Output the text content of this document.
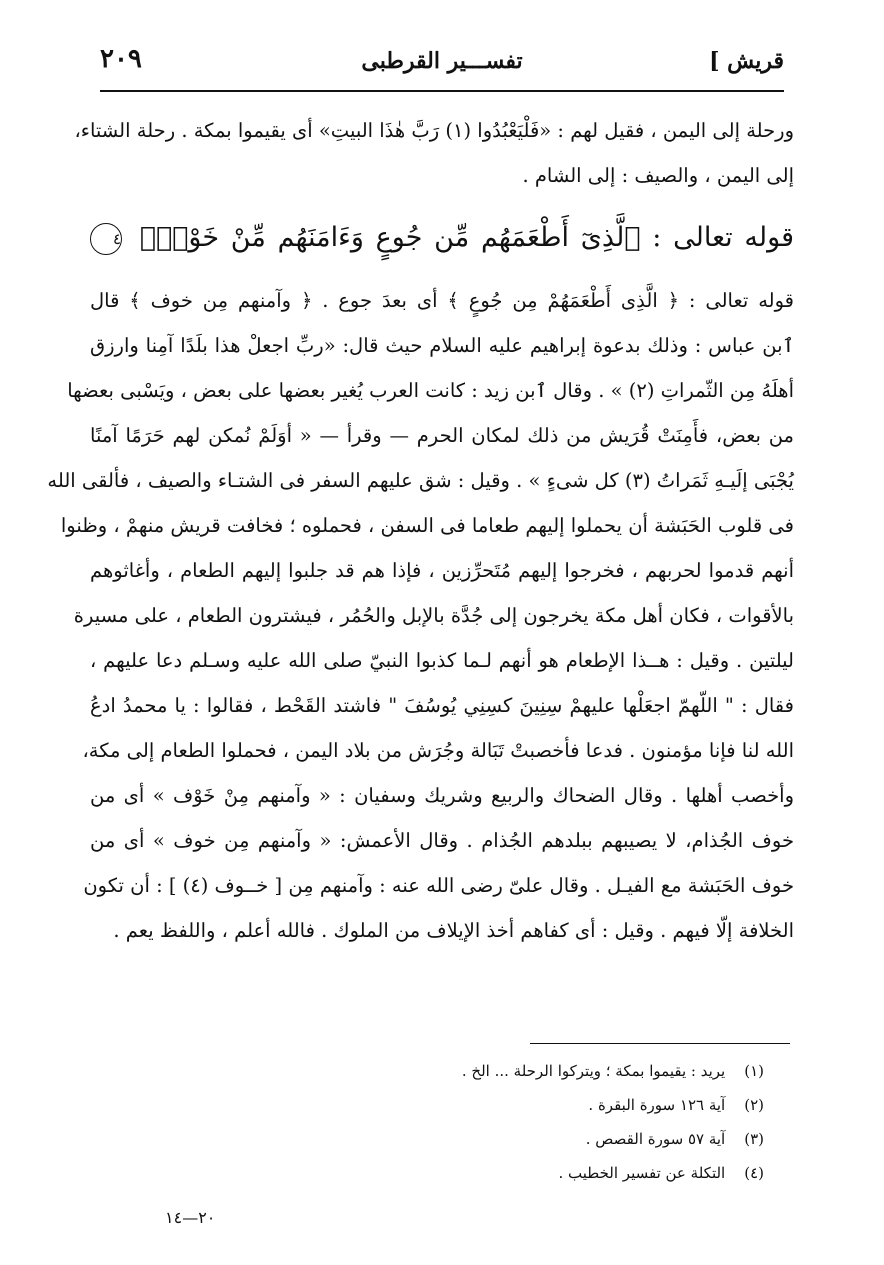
قريش ]
تفســـير القرطبى
٢٠٩
ورحلة إلى اليمن ، فقيل لهم : «فَلْيَعْبُدُوا (١) رَبَّ هٰذَا البيتِ» أى يقيموا بمكة . رحلة الشتاء،
إلى اليمن ، والصيف : إلى الشام .
قوله تعالى : ٱلَّذِىٓ أَطْعَمَهُم مِّن جُوعٍ وَءَامَنَهُم مِّنْ خَوْفٍۭ ٤
قوله تعالى : ﴿ الَّذِى أَطْعَمَهُمْ مِن جُوعٍ ﴾ أى بعدَ جوع . ﴿ وآمنهم مِن خوف ﴾ قال
ٱبن عباس : وذلك بدعوة إبراهيم عليه السلام حيث قال: «ربِّ اجعلْ هذا بلَدًا آمِنا وارزق
أهلَهُ مِن الثّمراتِ (٢) » . وقال ٱبن زيد : كانت العرب يُغير بعضها على بعض ، ويَسْبى بعضها
من بعض، فأَمِنَتْ قُرَيش من ذلك لمكان الحرم — وقرأ — « أوَلَمْ نُمكن لهم حَرَمًا آمنًا
يُجْبَى إلَيـهِ ثَمَراتُ (٣) كل شىءٍ » . وقيل : شق عليهم السفر فى الشتـاء والصيف ، فألقى الله
فى قلوب الحَبَشة أن يحملوا إليهم طعاما فى السفن ، فحملوه ؛ فخافت قريش منهمْ ، وظنوا
أنهم قدموا لحربهم ، فخرجوا إليهم مُتَحرِّزين ، فإذا هم قد جلبوا إليهم الطعام ، وأغاثوهم
بالأقوات ، فكان أهل مكة يخرجون إلى جُدَّة بالإبل والحُمُر ، فيشترون الطعام ، على مسيرة
ليلتين . وقيل : هــذا الإطعام هو أنهم لـما كذبوا النبيّ صلى الله عليه وسـلم دعا عليهم ،
فقال : " اللّهمّ اجعَلْها عليهمْ سِنِينَ كسِنِي يُوسُفَ " فاشتد القَحْط ، فقالوا : يا محمدُ ادعُ
الله لنا فإنا مؤمنون . فدعا فأخصبتْ تَبَالة وجُرَش من بلاد اليمن ، فحملوا الطعام إلى مكة،
وأخصب أهلها . وقال الضحاك والربيع وشريك وسفيان : « وآمنهم مِنْ خَوْف » أى من
خوف الجُذام، لا يصيبهم ببلدهم الجُذام . وقال الأعمش: « وآمنهم مِن خوف » أى من
خوف الحَبَشة مع الفيـل . وقال علىّ رضى الله عنه : وآمنهم مِن [ خــوف (٤) ] : أن تكون
الخلافة إلّا فيهم . وقيل : أى كفاهم أخذ الإيلاف من الملوك . فالله أعلم ، واللفظ يعم .
(١) يريد : يقيموا بمكة ؛ ويتركوا الرحلة ... الخ .
(٢) آية ١٢٦ سورة البقرة .
(٣) آية ٥٧ سورة القصص .
(٤) التكلة عن تفسير الخطيب .
٢٠—١٤
